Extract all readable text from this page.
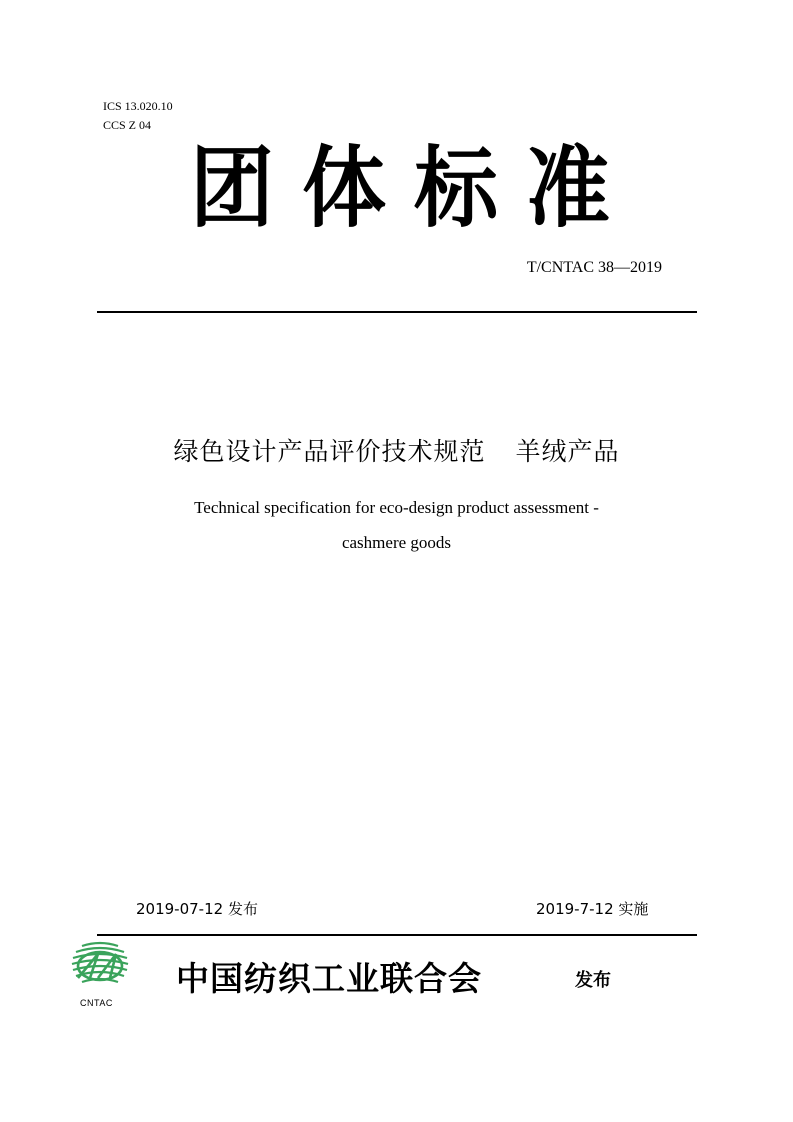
ICS 13.020.10
CCS Z 04
团 体 标 准
T/CNTAC 38—2019
绿色设计产品评价技术规范 羊绒产品
Technical specification for eco-design product assessment -
cashmere goods
2019-07-12 发布	2019-7-12 实施
CNTAC
中国纺织工业联合会	发布
